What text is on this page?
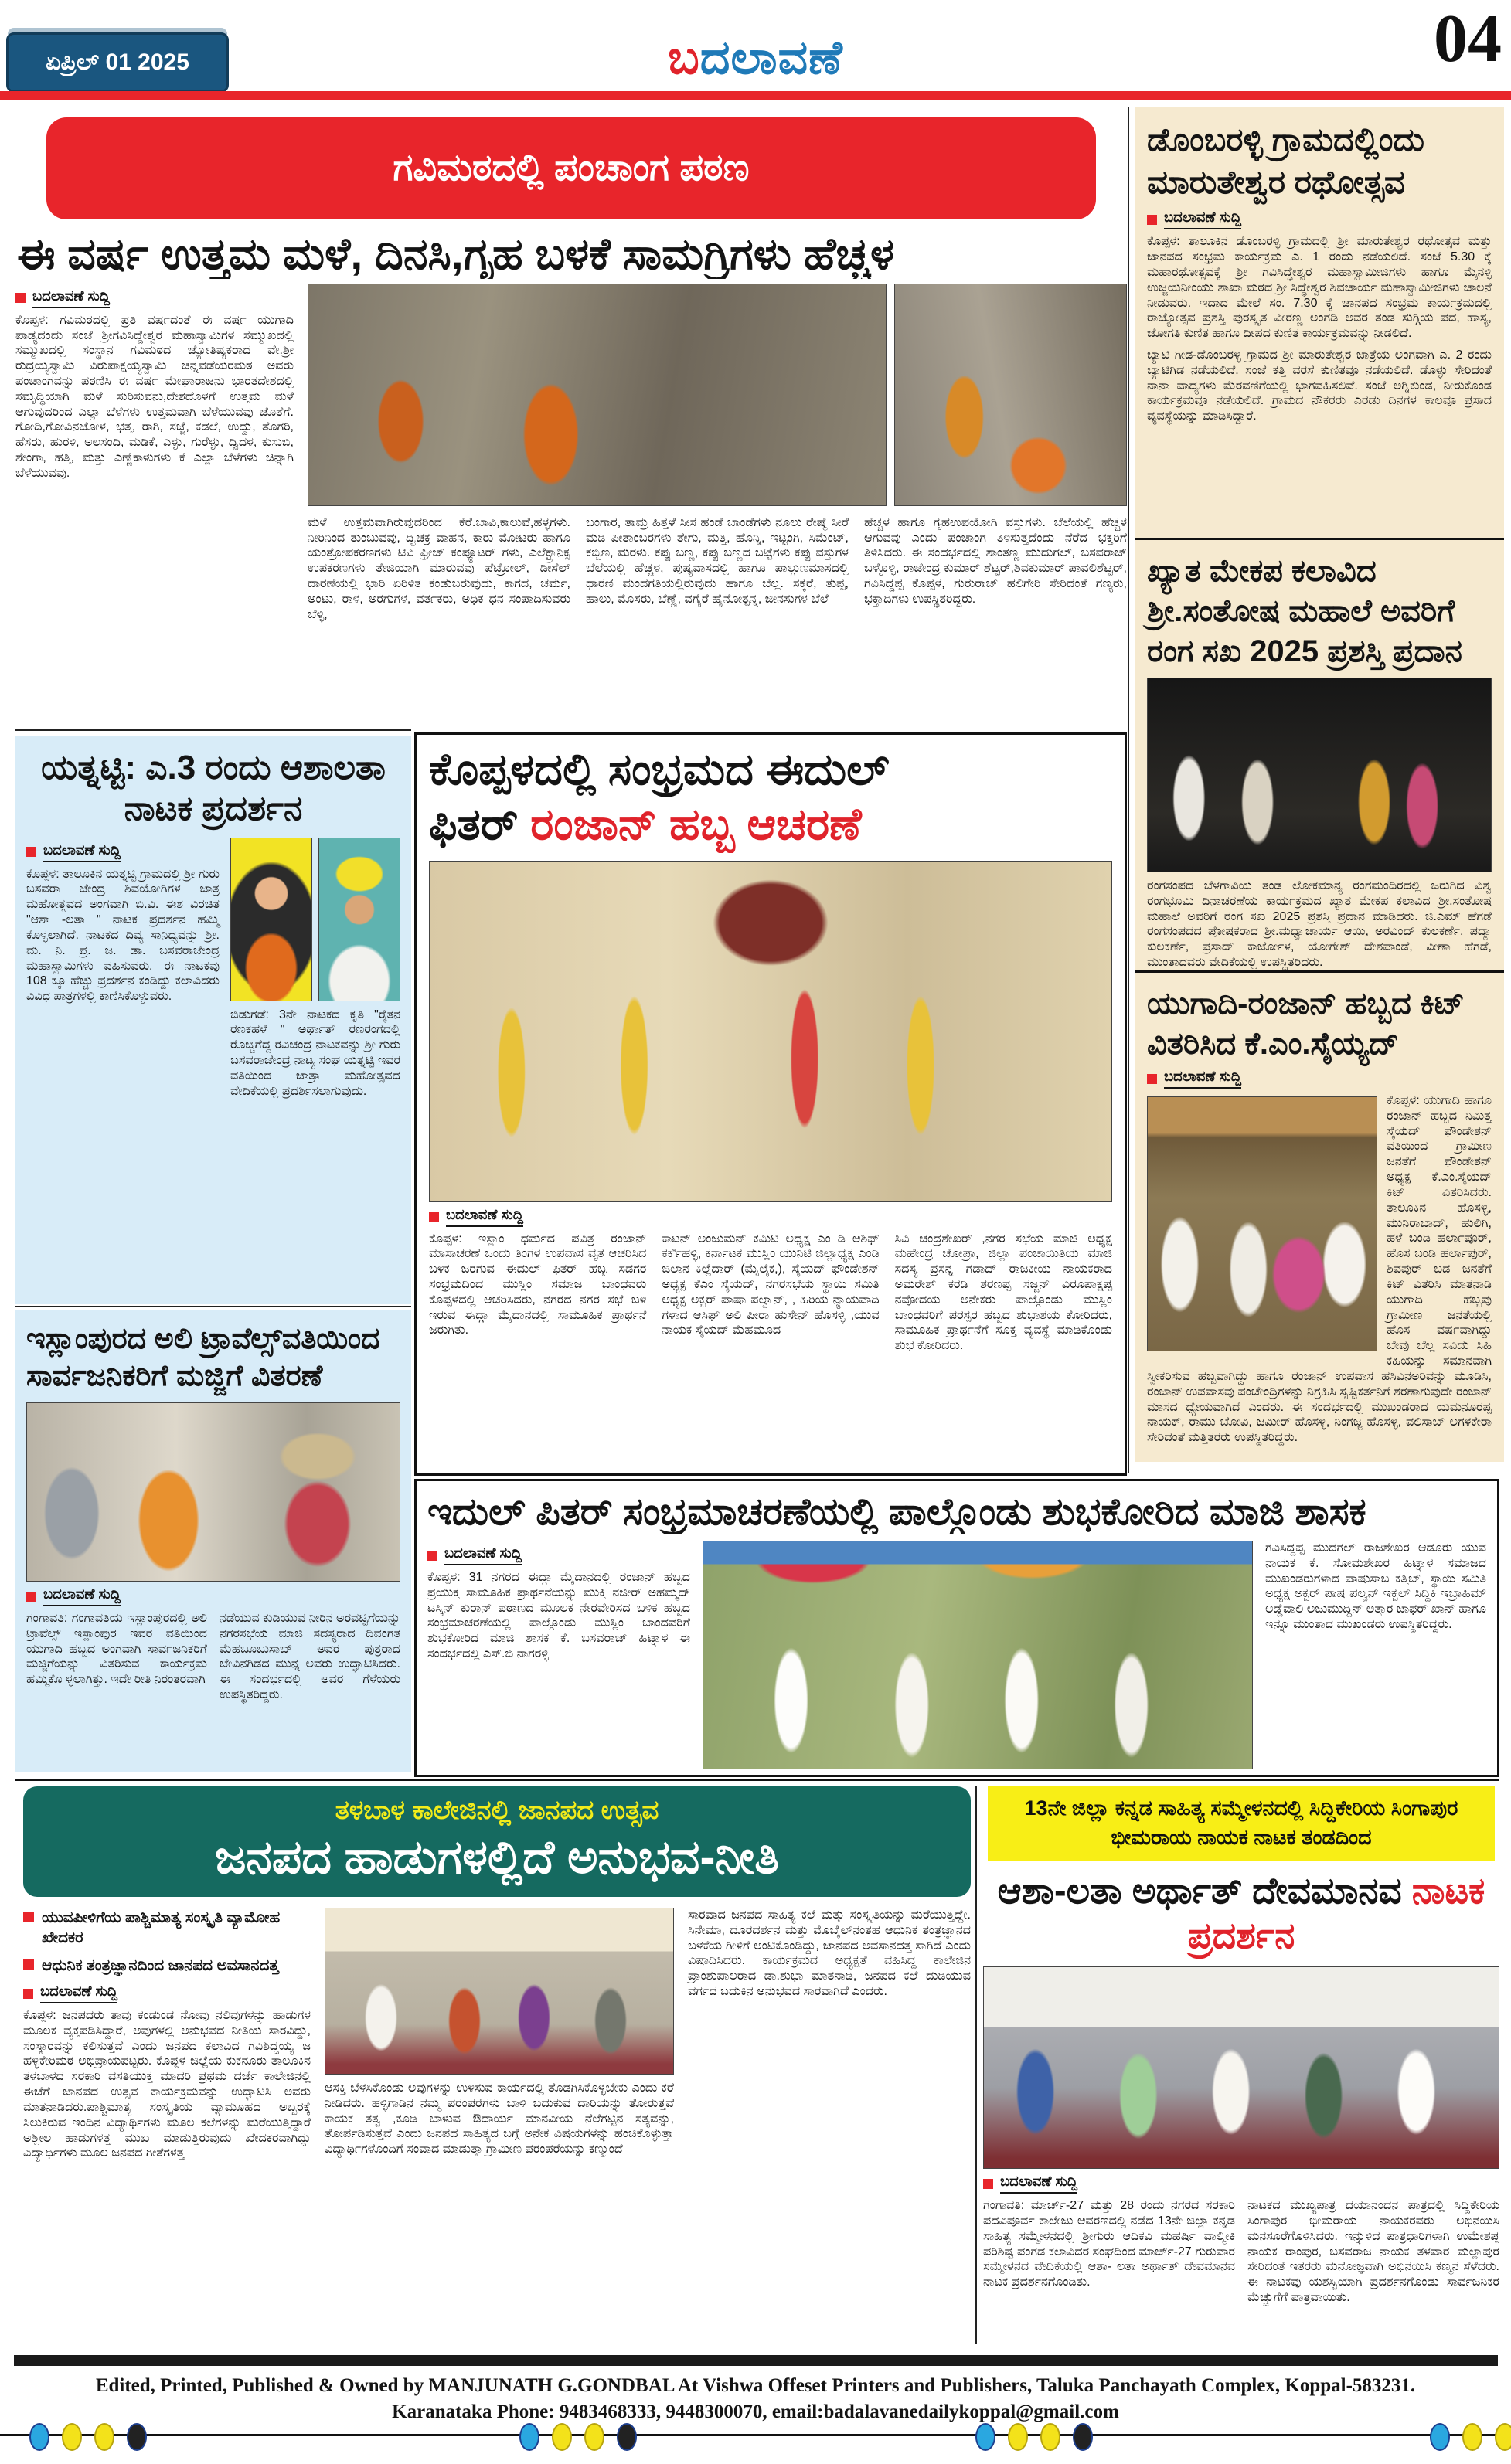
ಏಪ್ರಿಲ್ 01 2025	ಬದಲಾವಣೆ	04
ಗವಿಮಠದಲ್ಲಿ ಪಂಚಾಂಗ ಪಠಣ
ಈ ವರ್ಷ ಉತ್ತಮ ಮಳೆ, ದಿನಸಿ,ಗೃಹ ಬಳಕೆ ಸಾಮಗ್ರಿಗಳು ಹೆಚ್ಚಳ
ಬದಲಾವಣೆ ಸುದ್ದಿ
ಕೊಪ್ಪಳ: ಗವಿಮಠದಲ್ಲಿ ಪ್ರತಿ ವರ್ಷದಂತೆ ಈ ವರ್ಷ ಯುಗಾದಿ ಪಾಡ್ಯದಂದು ಸಂಜೆ ಶ್ರೀಗವಿಸಿದ್ದೇಶ್ವರ ಮಹಾಸ್ವಾಮಿಗಳ ಸಮ್ಮುಖದಲ್ಲಿ ಸಮ್ಮುಖದಲ್ಲಿ ಸಂಸ್ಥಾನ ಗವಿಮಠದ ಜ್ಯೋತಿಷ್ಯಕರಾದ ವೇ.ಶ್ರೀ ರುದ್ರಯ್ಯಸ್ವಾಮಿ ವಿರುಪಾಕ್ಷಯ್ಯಸ್ವಾಮಿ ಚನ್ನವಡೆಯರಮಠ ಅವರು ಪಂಚಾಂಗವನ್ನು ಪಠಣಿಸಿ ಈ ವರ್ಷ ಮೇಘಾರಾಜನು ಭಾರತದೇಶದಲ್ಲಿ ಸಮೃದ್ಧಿಯಾಗಿ ಮಳೆ ಸುರಿಸುವನು,ದೇಶದೊಳಗೆ ಉತ್ತಮ ಮಳೆ ಆಗುವುದರಿಂದ ಎಲ್ಲಾ ಬೆಳೆಗಳು ಉತ್ತಮವಾಗಿ ಬೆಳೆಯುವವು ಜೊತೆಗೆ. ಗೋದಿ,ಗೋವಿನಜೋಳ, ಭತ್ತ, ರಾಗಿ, ಸಜ್ಜೆ, ಕಡಲೆ, ಉದ್ದು, ತೊಗರಿ, ಹೆಸರು, ಹುರಳಿ, ಅಲಸಂದಿ, ಮಡಿಕೆ, ಎಳ್ಳು, ಗುರೆಳ್ಳು, ದ್ವಿದಳ, ಕುಸುಬಿ, ಶೇಂಗಾ, ಹತ್ತಿ, ಮತ್ತು ಎಣ್ಣೆಕಾಳುಗಳು ಕೆ ಎಲ್ಲಾ ಬೆಳೆಗಳು ಚಿನ್ನಾಗಿ ಬೆಳೆಯುವವು.
ಮಳೆ ಉತ್ತಮವಾಗಿರುವುದರಿಂದ ಕೆರೆ.ಬಾವಿ,ಕಾಲುವೆ,ಹಳ್ಳಗಳು. ನೀರಿನಿಂದ ತುಂಬುವವು, ದ್ವಿಚಕ್ರ ವಾಹನ, ಕಾರು ಮೋಟರು ಹಾಗೂ ಯಂತ್ರೋಪಕರಣಗಳು ಟಿವಿ ಫ್ರೀಜ್ ಕಂಪ್ಯೂಟರ್ ಗಳು, ಎಲೆಕ್ಟ್ರಾನಿಕ್ಸ ಉಪಕರಣಗಳು ತೇಜಿಯಾಗಿ ಮಾರುವವು ಪೆಟ್ರೋಲ್, ಡೀಸೆಲ್ ದಾರಣೆಯಲ್ಲಿ ಭಾರಿ ಏರಿಳಿತ ಕಂಡುಬರುವುದು, ಕಾಗದ, ಚರ್ಮ, ಅಂಟು, ರಾಳ, ಅರಗುಗಳ, ವರ್ತಕರು, ಅಧಿಕ ಧನ ಸಂಪಾದಿಸುವರು ಬೆಳ್ಳಿ,
ಬಂಗಾರ, ತಾಮ್ರ ಹಿತ್ತಳೆ ಸೀಸ ಹಂಡೆ ಬಾಂಡೆಗಳು ನೂಲು ರೇಷ್ಮೆ ಸೀರೆ ಮಡಿ ಪೀತಾಂಬರಗಳು ತೇಗು, ಮತ್ತಿ, ಹೊನ್ನಿ, ಇಟ್ಟಂಗಿ, ಸಿಮೆಂಟ್, ಕಬ್ಬಿಣ, ಮರಳು. ಕಪ್ಪು ಬಣ್ಣ, ಕಪ್ಪು ಬಣ್ಣದ ಬಟ್ಟೆಗಳು ಕಪ್ಪು ವಸ್ತುಗಳ ಬೆಲೆಯಲ್ಲಿ ಹೆಚ್ಚಳ, ಪುಷ್ಯವಾಸದಲ್ಲಿ ಹಾಗೂ ಪಾಲ್ಗುಣಮಾಸದಲ್ಲಿ ಧಾರಣಿ ಮಂದಗತಿಯಲ್ಲಿರುವುದು ಹಾಗೂ ಬೆಲ್ಲ. ಸಕ್ಕರೆ, ತುಪ್ಪ, ಹಾಲು, ಮೊಸರು, ಬೆಣ್ಣೆ, ವಗೈರೆ ಹೈನೋತ್ಪನ್ನ, ಜೀನಸುಗಳ ಬೆಲೆ
ಹೆಚ್ಚಳ ಹಾಗೂ ಗೃಹಉಪಯೋಗಿ ವಸ್ತುಗಳು. ಬೆಲೆಯಲ್ಲಿ ಹೆಚ್ಚಳ ಆಗುವವು ಎಂದು ಪಂಚಾಂಗ ತಿಳಿಸುತ್ತದೆಂದು ನೆರೆದ ಭಕ್ತರಿಗೆ ತಿಳಿಸಿದರು. ಈ ಸಂದರ್ಭದಲ್ಲಿ ಶಾಂತಣ್ಣ ಮುದುಗಲ್, ಬಸವರಾಜ್ ಬಳ್ಳೊಳ್ಳಿ, ರಾಜೇಂದ್ರ ಕುಮಾರ್ ಶೆಟ್ಟರ್,ಶಿವಕುಮಾರ್ ಪಾವಲಿಶೆಟ್ಟರ್, ಗವಿಸಿದ್ದಪ್ಪ ಕೊಪ್ಪಳ, ಗುರುರಾಜ್ ಹಲಿಗೇರಿ ಸೇರಿದಂತೆ ಗಣ್ಯರು, ಭಕ್ತಾದಿಗಳು ಉಪಸ್ಥಿತರಿದ್ದರು.
ಯತ್ನಟ್ಟಿ: ಎ.3 ರಂದು ಆಶಾಲತಾ ನಾಟಕ ಪ್ರದರ್ಶನ
ಬದಲಾವಣೆ ಸುದ್ದಿ
ಕೊಪ್ಪಳ: ತಾಲೂಕಿನ ಯತ್ನಟ್ಟಿ ಗ್ರಾಮದಲ್ಲಿ ಶ್ರೀ ಗುರು ಬಸವರಾ ಜೇಂದ್ರ ಶಿವಯೋಗಿಗಳ ಜಾತ್ರ ಮಹೋತ್ಸವದ ಅಂಗವಾಗಿ ಬಿ.ವಿ. ಈಶ ವಿರಚಿತ "ಆಶಾ -ಲತಾ " ನಾಟಕ ಪ್ರದರ್ಶನ ಹಮ್ಮಿ ಕೊಳ್ಳಲಾಗಿದೆ. ನಾಟಕದ ದಿವ್ಯ ಸಾನಿಧ್ಯವನ್ನು ಶ್ರೀ. ಮ. ನಿ. ಪ್ರ. ಜ. ಡಾ. ಬಸವರಾಜೇಂದ್ರ ಮಹಾಸ್ವಾಮಿಗಳು ವಹಿಸುವರು. ಈ ನಾಟಕವು 108 ಕ್ಕೂ ಹೆಚ್ಚು ಪ್ರದರ್ಶನ ಕಂಡಿದ್ದು ಕಲಾವಿದರು ವಿವಿಧ ಪಾತ್ರಗಳಲ್ಲಿ ಕಾಣಿಸಿಕೊಳ್ಳುವರು.
ಬಿಡುಗಡೆ: 3ನೇ ನಾಟಕದ ಕೃತಿ "ರೈತನ ರಣಕಹಳೆ " ಅರ್ಥಾತ್ ರಣರಂಗದಲ್ಲಿ ರೊಚ್ಚಿಗೆದ್ದ ರವಿಚಂದ್ರ ನಾಟಕವನ್ನು ಶ್ರೀ ಗುರು ಬಸವರಾಜೇಂದ್ರ ನಾಟ್ಯ ಸಂಘ ಯತ್ನಟ್ಟಿ ಇವರ ವತಿಯಿಂದ ಜಾತ್ರಾ ಮಹೋತ್ಸವದ ವೇದಿಕೆಯಲ್ಲಿ ಪ್ರದರ್ಶಿಸಲಾಗುವುದು.
ಇಸ್ಲಾಂಪುರದ ಅಲಿ ಟ್ರಾವೆಲ್ಸ್‌ವತಿಯಿಂದ ಸಾರ್ವಜನಿಕರಿಗೆ ಮಜ್ಜಿಗೆ ವಿತರಣೆ
ಬದಲಾವಣೆ ಸುದ್ದಿ
ಗಂಗಾವತಿ: ಗಂಗಾವತಿಯ ಇಸ್ಲಾಂಪುರದಲ್ಲಿ ಅಲಿ ಟ್ರಾವೆಲ್ಸ್ ಇಸ್ಲಾಂಪುರ ಇವರ ವತಿಯಿಂದ ಯುಗಾದಿ ಹಬ್ಬದ ಅಂಗವಾಗಿ ಸಾರ್ವಜನಿಕರಿಗೆ ಮಜ್ಜಿಗೆಯನ್ನು ವಿತರಿಸುವ ಕಾರ್ಯಕ್ರಮ ಹಮ್ಮಿಕೊ ಳ್ಳಲಾಗಿತ್ತು. ಇದೇ ರೀತಿ ನಿರಂತರವಾಗಿ
ನಡೆಯುವ ಕುಡಿಯುವ ನೀರಿನ ಅರವಟ್ಟಿಗೆಯನ್ನು ನಗರಸಭೆಯ ಮಾಜಿ ಸದಸ್ಯರಾದ ದಿವಂಗತ ಮೆಹಬೂಬುಸಾಬ್ ಅವರ ಪುತ್ರರಾದ ಬೇವಿನಗಿಡದ ಮುನ್ನ ಅವರು ಉದ್ಘಾಟಿಸಿದರು. ಈ ಸಂದರ್ಭದಲ್ಲಿ ಅವರ ಗೆಳೆಯರು ಉಪಸ್ಥಿತರಿದ್ದರು.
ಕೊಪ್ಪಳದಲ್ಲಿ ಸಂಭ್ರಮದ ಈದುಲ್
ಫಿತರ್ ರಂಜಾನ್ ಹಬ್ಬ ಆಚರಣೆ
ಬದಲಾವಣೆ ಸುದ್ದಿ
ಕೊಪ್ಪಳ: ಇಸ್ಲಾಂ ಧರ್ಮದ ಪವಿತ್ರ ರಂಜಾನ್ ಮಾಸಾಚರಣೆ ಒಂದು ತಿಂಗಳ ಉಪವಾಸ ವೃತ ಆಚರಿಸಿದ ಬಳಿಕ ಜರಗುವ ಈದುಲ್ ಫಿತರ್ ಹಬ್ಬ ಸಡಗರ ಸಂಭ್ರಮದಿಂದ ಮುಸ್ಲಿಂ ಸಮಾಜ ಬಾಂಧವರು ಕೊಪ್ಪಳದಲ್ಲಿ ಆಚರಿಸಿದರು, ನಗರದ ನಗರ ಸಭೆ ಬಳಿ ಇರುವ ಈದ್ಗಾ ಮೈದಾನದಲ್ಲಿ ಸಾಮೂಹಿಕ ಪ್ರಾರ್ಥನೆ ಜರುಗಿತು.
ಕಾಟನ್ ಅಂಜುಮನ್ ಕಮಿಟಿ ಅಧ್ಯಕ್ಷ ಎಂ ಡಿ ಆಶಿಫ್ ಕರ್ಕ‍ಿಹಳ್ಳಿ, ಕರ್ನಾಟಕ ಮುಸ್ಲಿಂ ಯುನಿಟಿ ಜಿಲ್ಲಾಧ್ಯಕ್ಷ ಎಂಡಿ ಜಿಲಾನ ಕಿಲ್ಲೆದಾರ್ (ಮೈಲೈಕ,), ಸೈಯದ್ ಫೌಂಡೇಶನ್ ಅಧ್ಯಕ್ಷ ಕೆಎಂ ಸೈಯದ್, ನಗರಸಭೆಯ ಸ್ಥಾಯಿ ಸಮಿತಿ ಅಧ್ಯಕ್ಷ ಅಕ್ಬರ್ ಪಾಷಾ ಪಲ್ವಾನ್, , ಹಿರಿಯ ನ್ಯಾಯವಾದಿ ಗಳಾದ ಆಸಿಫ್ ಅಲಿ ಪೀರಾ ಹುಸೇನ್ ಹೊಸಳ್ಳಿ ,ಯುವ ನಾಯಕ ಸೈಯದ್ ಮೆಹಮೂದ
ಸಿವಿ ಚಂದ್ರಶೇಖರ್ ,ನಗರ ಸಭೆಯ ಮಾಜಿ ಅಧ್ಯಕ್ಷ ಮಹೇಂದ್ರ ಚೋಪ್ರಾ, ಜಿಲ್ಲಾ ಪಂಚಾಯಿತಿಯ ಮಾಜಿ ಸದಸ್ಯ ಪ್ರಸನ್ನ ಗಡಾದ್ ರಾಜಕೀಯ ನಾಯಕರಾದ ಅಮರೇಶ್ ಕರಡಿ ಶರಣಪ್ಪ ಸಜ್ಜನ್ ವಿರೂಪಾಕ್ಷಪ್ಪ ನವೋದಯ ಅನೇಕರು ಪಾಲ್ಗೊಂಡು ಮುಸ್ಲಿಂ ಬಾಂಧವರಿಗೆ ಪರಸ್ಪರ ಹಬ್ಬದ ಶುಭಾಶಯ ಕೋರಿದರು, ಸಾಮೂಹಿಕ ಪ್ರಾರ್ಥನೆಗೆ ಸೂಕ್ತ ವ್ಯವಸ್ಥೆ ಮಾಡಿಕೊಂಡು ಶುಭ ಕೋರಿದರು.
ಡೊಂಬರಳ್ಳಿ ಗ್ರಾಮದಲ್ಲಿಂದು ಮಾರುತೇಶ್ವರ ರಥೋತ್ಸವ
ಬದಲಾವಣೆ ಸುದ್ದಿ
ಕೊಪ್ಪಳ: ತಾಲೂಕಿನ ಡೊಂಬರಳ್ಳಿ ಗ್ರಾಮದಲ್ಲಿ ಶ್ರೀ ಮಾರುತೇಶ್ವರ ರಥೋತ್ಸವ ಮತ್ತು ಜಾನಪದ ಸಂಭ್ರಮ ಕಾರ್ಯಕ್ರಮ ಎ. 1 ರಂದು ನಡೆಯಲಿದೆ. ಸಂಜೆ 5.30 ಕ್ಕೆ ಮಹಾರಥೋತ್ಸವಕ್ಕೆ ಶ್ರೀ ಗವಿಸಿದ್ಧೇಶ್ವರ ಮಹಾಸ್ವಾಮೀಜಿಗಳು ಹಾಗೂ ಮೈನಳ್ಳಿ ಉಜ್ಜಯನೀಂಯು ಶಾಖಾ ಮಠದ ಶ್ರೀ ಸಿದ್ಧೇಶ್ವರ ಶಿವಚಾರ್ಯ ಮಹಾಸ್ವಾಮೀಜಿಗಳು ಚಾಲನೆ ನೀಡುವರು. ಇದಾದ ಮೇಲೆ ಸಂ. 7.30 ಕ್ಕೆ ಜಾನಪದ ಸಂಭ್ರಮ ಕಾರ್ಯಕ್ರಮದಲ್ಲಿ ರಾಜ್ಯೋತ್ಸವ ಪ್ರಶಸ್ತಿ ಪುರಸ್ಕೃತ ವೀರಣ್ಣ ಅಂಗಡಿ ಅವರ ತಂಡ ಸುಗ್ಗಿಯ ಪದ, ಹಾಸ್ಯ, ಜೋಗತಿ ಕುಣಿತ ಹಾಗೂ ದೀಪದ ಕುಣಿತ ಕಾರ್ಯಕ್ರಮವನ್ನು ನೀಡಲಿದೆ.
ಬ್ಯಾಟಿ ಗೀಡ-ಡೊಂಬರಳ್ಳಿ ಗ್ರಾಮದ ಶ್ರೀ ಮಾರುತೇಶ್ವರ ಜಾತ್ರೆಯ ಅಂಗವಾಗಿ ಎ. 2 ರಂದು ಬ್ಯಾಟಿಗಿಡ ನಡೆಯಲಿದೆ. ಸಂಜೆ ಕತ್ತಿ ವರಸೆ ಕುಣಿತವೂ ನಡೆಯಲಿದೆ. ಡೊಳ್ಳು ಸೇರಿದಂತೆ ನಾನಾ ವಾದ್ಯಗಳು ಮೆರವಣಿಗೆಯಲ್ಲಿ ಭಾಗವಹಿಸಲಿವೆ. ಸಂಜೆ ಅಗ್ನಿಕುಂಡ, ನೀರುಕೊಂಡ ಕಾರ್ಯಕ್ರಮವೂ ನಡೆಯಲಿದೆ. ಗ್ರಾಮದ ನೌಕರರು ಎರಡು ದಿನಗಳ ಕಾಲವೂ ಪ್ರಸಾದ ವ್ಯವಸ್ಥೆಯನ್ನು ಮಾಡಿಸಿದ್ದಾರೆ.
ಖ್ಯಾತ ಮೇಕಪ ಕಲಾವಿದ ಶ್ರೀ.ಸಂತೋಷ ಮಹಾಲೆ ಅವರಿಗೆ ರಂಗ ಸಖ 2025 ಪ್ರಶಸ್ತಿ ಪ್ರದಾನ
ರಂಗಸಂಪದ ಬೆಳಗಾವಿಯ ತಂಡ ಲೋಕಮಾನ್ಯ ರಂಗಮಂದಿರದಲ್ಲಿ ಜರುಗಿದ ವಿಶ್ವ ರಂಗಭೂಮಿ ದಿನಾಚರಣೆಯ ಕಾರ್ಯಕ್ರಮದ ಖ್ಯಾತ ಮೇಕಪ ಕಲಾವಿದ ಶ್ರೀ.ಸಂತೋಷ ಮಹಾಲೆ ಅವರಿಗೆ ರಂಗ ಸಖ 2025 ಪ್ರಶಸ್ತಿ ಪ್ರದಾನ ಮಾಡಿದರು. ಜಿ.ಎಮ್ ಹೆಗಡೆ ರಂಗಸಂಪದದ ಪೋಷಕರಾದ ಶ್ರೀ.ಮಧ್ವಾಚಾರ್ಯ ಆಯಿ, ಅರವಿಂದ್ ಕುಲಕರ್ಣೆ, ಪದ್ಮಾ ಕುಲಕರ್ಣೆ, ಪ್ರಸಾದ್ ಕಾರ್ಜೋಳ, ಯೋಗೇಶ್ ದೇಶಪಾಂಡೆ, ವೀಣಾ ಹೆಗಡೆ, ಮುಂತಾದವರು ವೇದಿಕೆಯಲ್ಲಿ ಉಪಸ್ಥಿತರಿದರು.
ಯುಗಾದಿ-ರಂಜಾನ್ ಹಬ್ಬದ ಕಿಟ್ ವಿತರಿಸಿದ ಕೆ.ಎಂ.ಸೈಯ್ಯದ್
ಬದಲಾವಣೆ ಸುದ್ದಿ
ಕೊಪ್ಪಳ: ಯುಗಾದಿ ಹಾಗೂ ರಂಜಾನ್ ಹಬ್ಬದ ನಿಮಿತ್ತ ಸೈಯದ್ ಫೌಂಡೇಶನ್ ವತಿಯಿಂದ ಗ್ರಾಮೀಣ ಜನತೆಗೆ ಫೌಂಡೇಶನ್ ಅಧ್ಯಕ್ಷ ಕೆ.ಎಂ.ಸೈಯದ್ ಕಿಟ್ ವಿತರಿಸಿದರು. ತಾಲೂಕಿನ	ಹೊಸಳ್ಳಿ, ಮುನಿರಾಬಾದ್, ಹುಲಿಗಿ, ಹಳೆ ಬಂಡಿ ಹರ್ಲಾಪೂರ್, ಹೊಸ ಬಂಡಿ ಹರ್ಲಾಪುರ್, ಶಿವಪುರ್ ಬಡ ಜನತೆಗೆ ಕಿಟ್ ವಿತರಿಸಿ ಮಾತನಾಡಿ ಯುಗಾದಿ ಹಬ್ಬವು ಗ್ರಾಮೀಣ ಜನತೆಯಲ್ಲಿ ಹೊಸ ವರ್ಷವಾಗಿದ್ದು ಬೇವು ಬೆಲ್ಲ ಸವಿದು ಸಿಹಿ ಕಹಿಯನ್ನು ಸಮಾನವಾಗಿ ಸ್ವೀಕರಿಸುವ ಹಬ್ಬವಾಗಿದ್ದು ಹಾಗೂ ರಂಜಾನ್ ಉಪವಾಸ ಹಸಿವಿನಅರಿವನ್ನು ಮೂಡಿಸಿ, ರಂಜಾನ್ ಉಪವಾಸವು ಪಂಚೇಂದ್ರಿಗಳನ್ನು ನಿಗ್ರಹಿಸಿ ಸೃಷ್ಟಿಕರ್ತನಿಗೆ ಶರಣಾಗುವುದೇ ರಂಜಾನ್ ಮಾಸದ ಧ್ಯೇಯವಾಗಿದೆ ಎಂದರು. ಈ ಸಂದರ್ಭದಲ್ಲಿ ಮುಖಂಡರಾದ ಯಮನೂರಪ್ಪ ನಾಯಕ್, ರಾಮು ಬೋವಿ, ಜಮೀರ್ ಹೊಸಳ್ಳಿ, ನಿಂಗಜ್ಜ ಹೊಸಳ್ಳಿ, ವಲಿಸಾಬ್ ಅಗಳಕೇರಾ ಸೇರಿದಂತೆ ಮತ್ತಿತರರು ಉಪಸ್ಥಿತರಿದ್ದರು.
ಇದುಲ್ ಪಿತರ್ ಸಂಭ್ರಮಾಚರಣೆಯಲ್ಲಿ ಪಾಲ್ಗೊಂಡು ಶುಭಕೋರಿದ ಮಾಜಿ ಶಾಸಕ
ಬದಲಾವಣೆ ಸುದ್ದಿ
ಕೊಪ್ಪಳ: 31 ನಗರದ ಈದ್ಗಾ ಮೈದಾನದಲ್ಲಿ ರಂಜಾನ್ ಹಬ್ಬದ ಪ್ರಯುಕ್ತ ಸಾಮೂಹಿಕ ಪ್ರಾರ್ಥನೆಯನ್ನು ಮುಕ್ತಿ ನಜೀರ್ ಅಹಮ್ಮದ್ ಟಸ್ಕಿನ್ ಕುರಾನ್ ಪಠಾಣದ ಮೂಲಕ ನೇರವೇರಿಸದ ಬಳಿಕ ಹಬ್ಬದ ಸಂಭ್ರಮಾಚರಣೆಯಲ್ಲಿ ಪಾಲ್ಗೊಂಡು ಮುಸ್ಲಿಂ ಬಾಂದವರಿಗೆ ಶುಭಕೋರಿದ ಮಾಜಿ ಶಾಸಕ ಕೆ. ಬಸವರಾಜ್ ಹಿಟ್ನಾಳ ಈ ಸಂದರ್ಭದಲ್ಲಿ ಎಸ್.ಬಿ ನಾಗರಳ್ಳಿ
ಗವಿಸಿದ್ದಪ್ಪ ಮುದಗಲ್ ರಾಜಶೇಖರ ಆಡೂರು ಯುವ ನಾಯಕ ಕೆ. ಸೋಮಶೇಖರ ಹಿಟ್ನಾಳ ಸಮಾಜದ ಮುಖಂಡರುಗಳಾದ ಪಾಷುಸಾಬ ಕತ್ತಿಬ್, ಸ್ಥಾಯಿ ಸಮಿತಿ ಅಧ್ಯಕ್ಷ ಅಕ್ಬರ್ ಪಾಷ ಪಲ್ವನ್ ಇಕ್ಬಲ್ ಸಿದ್ದಿಕಿ ಇಬ್ರಾಹಿಮ್ ಅಡ್ಡೆವಾಲಿ ಅಜುಮುದ್ದಿನ್ ಅತ್ತಾರ ಜಾಫರ್ ಖಾನ್ ಹಾಗೂ ಇನ್ನೂ ಮುಂತಾದ ಮುಖಂಡರು ಉಪಸ್ಥಿತರಿದ್ದರು.
ತಳಬಾಳ ಕಾಲೇಜಿನಲ್ಲಿ ಜಾನಪದ ಉತ್ಸವ
ಜನಪದ ಹಾಡುಗಳಲ್ಲಿದೆ ಅನುಭವ-ನೀತಿ
ಯುವಪೀಳಿಗೆಯ ಪಾಶ್ಚಿಮಾತ್ಯ ಸಂಸ್ಕೃತಿ ವ್ಯಾಮೋಹ ಖೇದಕರ
ಆಧುನಿಕ ತಂತ್ರಜ್ಞಾನದಿಂದ ಜಾನಪದ ಅವಸಾನದತ್ತ
ಬದಲಾವಣೆ ಸುದ್ದಿ
ಕೊಪ್ಪಳ: ಜನಪದರು ತಾವು ಕಂಡುಂಡ ನೋವು ನಲಿವುಗಳನ್ನು ಹಾಡುಗಳ ಮೂಲಕ ವ್ಯಕ್ತಪಡಿಸಿದ್ದಾರೆ, ಅವುಗಳಲ್ಲಿ ಅನುಭವದ ನೀತಿಯ ಸಾರವಿದ್ದು, ಸಂಸ್ಕಾರವನ್ನು ಕಲಿಸುತ್ತವೆ ಎಂದು ಜನಪದ ಕಲಾವಿದ ಗವಿಶಿದ್ದಯ್ಯ ಜ ಹಳ್ಳಿಕೇರಿಮಠ ಅಭಿಪ್ರಾಯಪಟ್ಟರು. ಕೊಪ್ಪಳ ಜಿಲ್ಲೆಯ ಕುಕನೂರು ತಾಲೂಕಿನ ತಳಬಾಳದ ಸರಕಾರಿ ವಸತಿಯುಕ್ತ ಮಾದರಿ ಪ್ರಥಮ ದರ್ಜೆ ಕಾಲೇಜಿನಲ್ಲಿ ಈಚೆಗೆ ಜಾನಪದ ಉತ್ಸವ ಕಾರ್ಯಕ್ರಮವನ್ನು ಉದ್ಘಾಟಿಸಿ ಅವರು ಮಾತನಾಡಿದರು.ಪಾಶ್ಚಿಮಾತ್ಯ ಸಂಸ್ಕೃತಿಯ ವ್ಯಾಮೂಹದ ಅಬ್ಬರಕ್ಕೆ ಸಿಲುಕಿರುವ ಇಂದಿನ ವಿದ್ಯಾರ್ಥಿಗಳು ಮೂಲ ಕಲೆಗಳನ್ನು ಮರೆಯುತ್ತಿದ್ದಾರೆ ಅಶ್ಲೀಲ ಹಾಡುಗಳತ್ತ ಮುಖ ಮಾಡುತ್ತಿರುವುದು ಖೇದಕರವಾಗಿದ್ದು ವಿದ್ಯಾರ್ಥಿಗಳು ಮೂಲ ಜನಪದ ಗೀತೆಗಳತ್ತ
ಆಸಕ್ತಿ ಬೆಳಸಿಕೊಂಡು ಅವುಗಳನ್ನು ಉಳಿಸುವ ಕಾರ್ಯದಲ್ಲಿ ತೊಡಗಿಸಿಕೊಳ್ಳಬೇಕು ಎಂದು ಕರೆ ನೀಡಿದರು. ಹಳ್ಳಿಗಾಡಿನ ನಮ್ಮ ಪರಂಪರೆಗಳು ಬಾಳಿ ಬದುಕುವ ದಾರಿಯನ್ನು ತೋರುತ್ತವೆ ಕಾಯಕ ತತ್ವ ,ಕೂಡಿ ಬಾಳುವ ಔದಾರ್ಯ ಮಾನವೀಯ ನೆಲೆಗಟ್ಟಿನ ಸತ್ಯವನ್ನು, ತೋರ್ಪಡಿಸುತ್ತವೆ ಎಂದು ಜನಪದ ಸಾಹಿತ್ಯದ ಬಗ್ಗೆ ಅನೇಕ ವಿಷಯಗಳನ್ನು ಹಂಚಿಕೊಳ್ಳುತ್ತಾ ವಿದ್ಯಾರ್ಥಿಗಳೊಂದಿಗೆ ಸಂವಾದ ಮಾಡುತ್ತಾ ಗ್ರಾಮೀಣ ಪರಂಪರೆಯನ್ನು ಕಣ್ಮುಂದೆ
ಸಾರವಾದ ಜನಪದ ಸಾಹಿತ್ಯ ಕಲೆ ಮತ್ತು ಸಂಸ್ಕೃತಿಯನ್ನು ಮರೆಯುತ್ತಿದ್ದೇ. ಸಿನೇಮಾ, ದೂರದರ್ಶನ ಮತ್ತು ಮೊಬೈಲ್‌ನಂತಹ ಆಧುನಿಕ ತಂತ್ರಜ್ಞಾನದ ಬಳಕೆಯ ಗೀಳಿಗೆ ಅಂಟಿಕೊಂಡಿದ್ದು, ಜಾನಪದ ಅವಸಾನದತ್ತ ಸಾಗಿದೆ ಎಂದು ವಿಷಾದಿಸಿದರು. ಕಾರ್ಯಕ್ರಮದ ಅಧ್ಯಕ್ಷತೆ ವಹಿಸಿದ್ದ ಕಾಲೇಜಿನ ಪ್ರಾಂಶುಪಾಲರಾದ ಡಾ.ಶುಭಾ ಮಾತನಾಡಿ, ಜನಪದ ಕಲೆ ದುಡಿಯುವ ವರ್ಗದ ಬದುಕಿನ ಅನುಭವದ ಸಾರವಾಗಿದೆ ಎಂದರು.
13ನೇ ಜಿಲ್ಲಾ ಕನ್ನಡ ಸಾಹಿತ್ಯ ಸಮ್ಮೇಳನದಲ್ಲಿ ಸಿದ್ದಿಕೇರಿಯ ಸಿಂಗಾಪುರ ಭೀಮರಾಯ ನಾಯಕ ನಾಟಕ ತಂಡದಿಂದ
ಆಶಾ-ಲತಾ ಅರ್ಥಾತ್ ದೇವಮಾನವ ನಾಟಕ ಪ್ರದರ್ಶನ
ಬದಲಾವಣೆ ಸುದ್ದಿ
ಗಂಗಾವತಿ: ಮಾರ್ಚ್-27 ಮತ್ತು 28 ರಂದು ನಗರದ ಸರಕಾರಿ ಪದವಿಪೂರ್ವ ಕಾಲೇಜು ಆವರಣದಲ್ಲಿ ನಡೆದ 13ನೇ ಜಿಲ್ಲಾ ಕನ್ನಡ ಸಾಹಿತ್ಯ ಸಮ್ಮೇಳನದಲ್ಲಿ ಶ್ರೀಗುರು ಆದಿಕವಿ ಮಹರ್ಷಿ ವಾಲ್ಮೀಕಿ ಪರಿಶಿಷ್ಟ ಪಂಗಡ ಕಲಾವಿದರ ಸಂಘದಿಂದ ಮಾರ್ಚ್-27 ಗುರುವಾರ ಸಮ್ಮೇಳನದ ವೇದಿಕೆಯಲ್ಲಿ ಆಶಾ- ಲತಾ ಅರ್ಥಾತ್ ದೇವಮಾನವ ನಾಟಕ ಪ್ರದರ್ಶನಗೊಂಡಿತು.
ನಾಟಕದ ಮುಖ್ಯಪಾತ್ರ ದಯಾನಂದನ ಪಾತ್ರದಲ್ಲಿ ಸಿದ್ದಿಕೇರಿಯ ಸಿಂಗಾಪುರ ಭೀಮರಾಯ ನಾಯಕರವರು ಅಭಿನಯಿಸಿ ಮನಸೂರೆಗೊಳಿಸಿದರು. ಇನ್ನುಳಿದ ಪಾತ್ರಧಾರಿಗಳಾಗಿ ಉಮೇಶಪ್ಪ ನಾಯಕ ರಾಂಪುರ, ಬಸವರಾಜ ನಾಯಕ ತಳವಾರ ಮಲ್ಲಾಪುರ ಸೇರಿದಂತೆ ಇತರರು ಮನೋಜ್ಞವಾಗಿ ಅಭಿನಯಿಸಿ ಕಣ್ಮನ ಸೆಳೆದರು. ಈ ನಾಟಕವು ಯಶಸ್ವಿಯಾಗಿ ಪ್ರದರ್ಶನಗೊಂಡು ಸಾರ್ವಜನಿಕರ ಮೆಚ್ಚುಗೆಗೆ ಪಾತ್ರವಾಯಿತು.
Edited, Printed, Published & Owned by MANJUNATH G.GONDBAL At Vishwa Offeset Printers and Publishers, Taluka Panchayath Complex, Koppal-583231.
Karanataka Phone: 9483468333, 9448300070, email:badalavanedailykoppal@gmail.com
